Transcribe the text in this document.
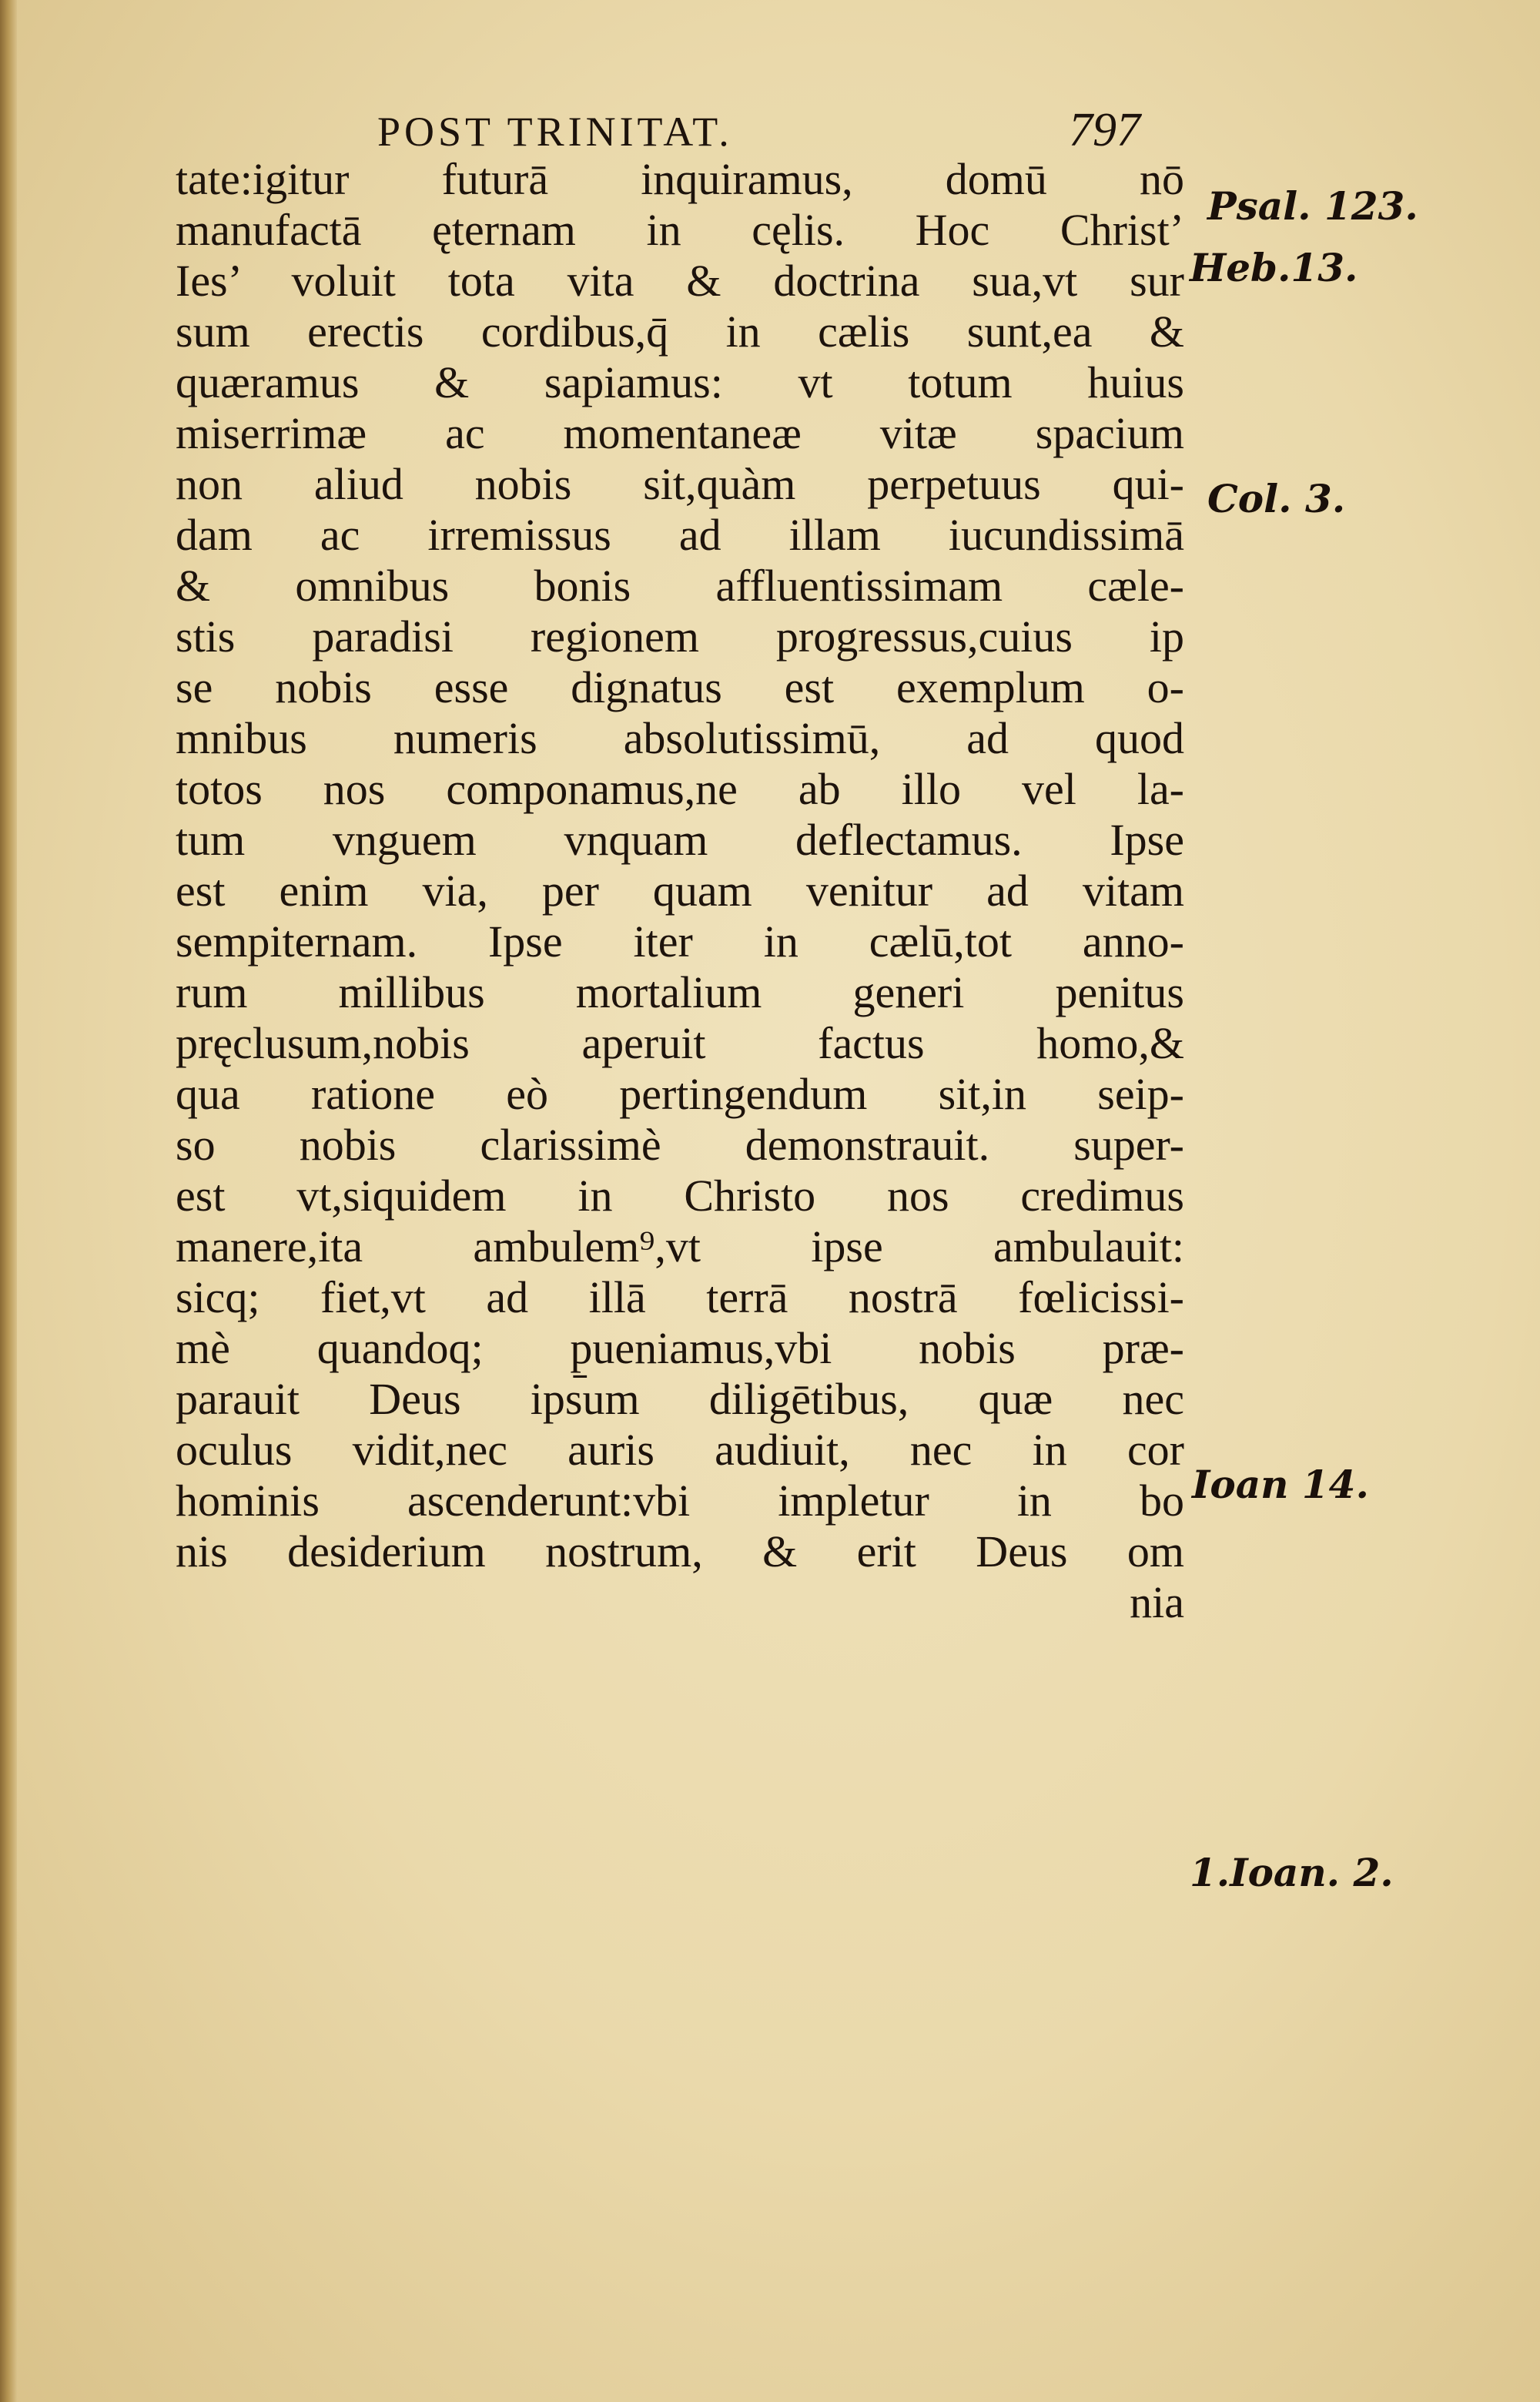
POST TRINITAT.	797
tate:igitur futurā inquiramus, domū nō
manufactā ęternam in cęlis. Hoc Christ’
Ies’ voluit tota vita & doctrina sua,vt sur
sum erectis cordibus,q̄ in cælis sunt,ea &
quæramus & sapiamus: vt totum huius
miserrimæ ac momentaneæ vitæ spacium
non aliud nobis sit,quàm perpetuus qui-
dam ac irremissus ad illam iucundissimā
& omnibus bonis affluentissimam cæle-
stis paradisi regionem progressus,cuius ip
se nobis esse dignatus est exemplum o-
mnibus numeris absolutissimū, ad quod
totos nos componamus,ne ab illo vel la-
tum vnguem vnquam deflectamus. Ipse
est enim via, per quam venitur ad vitam
sempiternam. Ipse iter in cælū,tot anno-
rum millibus mortalium generi penitus
pręclusum,nobis aperuit factus homo,&
qua ratione eò pertingendum sit,in seip-
so nobis clarissimè demonstrauit. super-
est vt,siquidem in Christo nos credimus
manere,ita ambulem⁹,vt ipse ambulauit:
sicq; fiet,vt ad illā terrā nostrā fœlicissi-
mè quandoq; p̱ueniamus,vbi nobis præ-
parauit Deus ipsum diligētibus, quæ nec
oculus vidit,nec auris audiuit, nec in cor
hominis ascenderunt:vbi impletur in bo
nis desiderium nostrum, & erit Deus om
nia
Psal. 123.
Heb.13.
Col. 3.
Ioan 14.
1.Ioan. 2.
